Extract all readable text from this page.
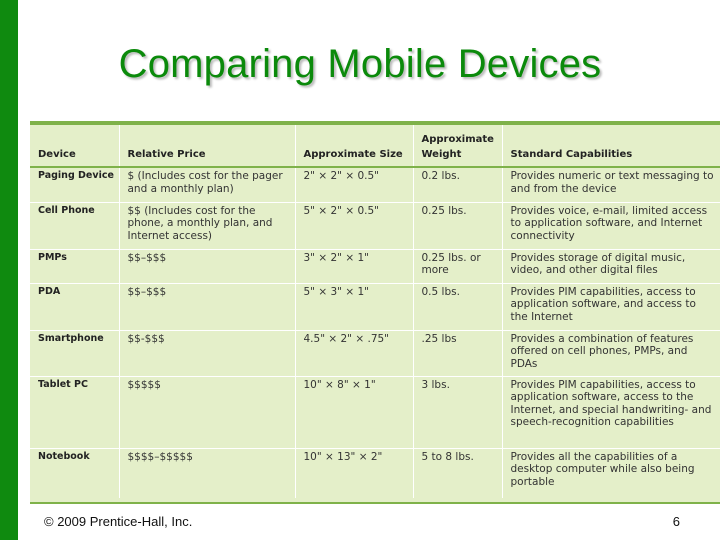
Comparing Mobile Devices
Device	Relative Price	Approximate Size	Approximate Weight	Standard Capabilities
Paging Device	$ (Includes cost for the pager and a monthly plan)	2" × 2" × 0.5"	0.2 lbs.	Provides numeric or text messaging to and from the device
Cell Phone	$$ (Includes cost for the phone, a monthly plan, and Internet access)	5" × 2" × 0.5"	0.25 lbs.	Provides voice, e-mail, limited access to application software, and Internet connectivity
PMPs	$$–$$$	3" × 2" × 1"	0.25 lbs. or more	Provides storage of digital music, video, and other digital files
PDA	$$–$$$	5" × 3" × 1"	0.5 lbs.	Provides PIM capabilities, access to application software, and access to the Internet
Smartphone	$$-$$$	4.5" × 2" × .75"	.25 lbs	Provides a combination of features offered on cell phones, PMPs, and PDAs
Tablet PC	$$$$$	10" × 8" × 1"	3 lbs.	Provides PIM capabilities, access to application software, access to the Internet, and special handwriting- and speech-recognition capabilities
Notebook	$$$$–$$$$$	10" × 13" × 2"	5 to 8 lbs.	Provides all the capabilities of a desktop computer while also being portable
© 2009 Prentice-Hall, Inc.	6
